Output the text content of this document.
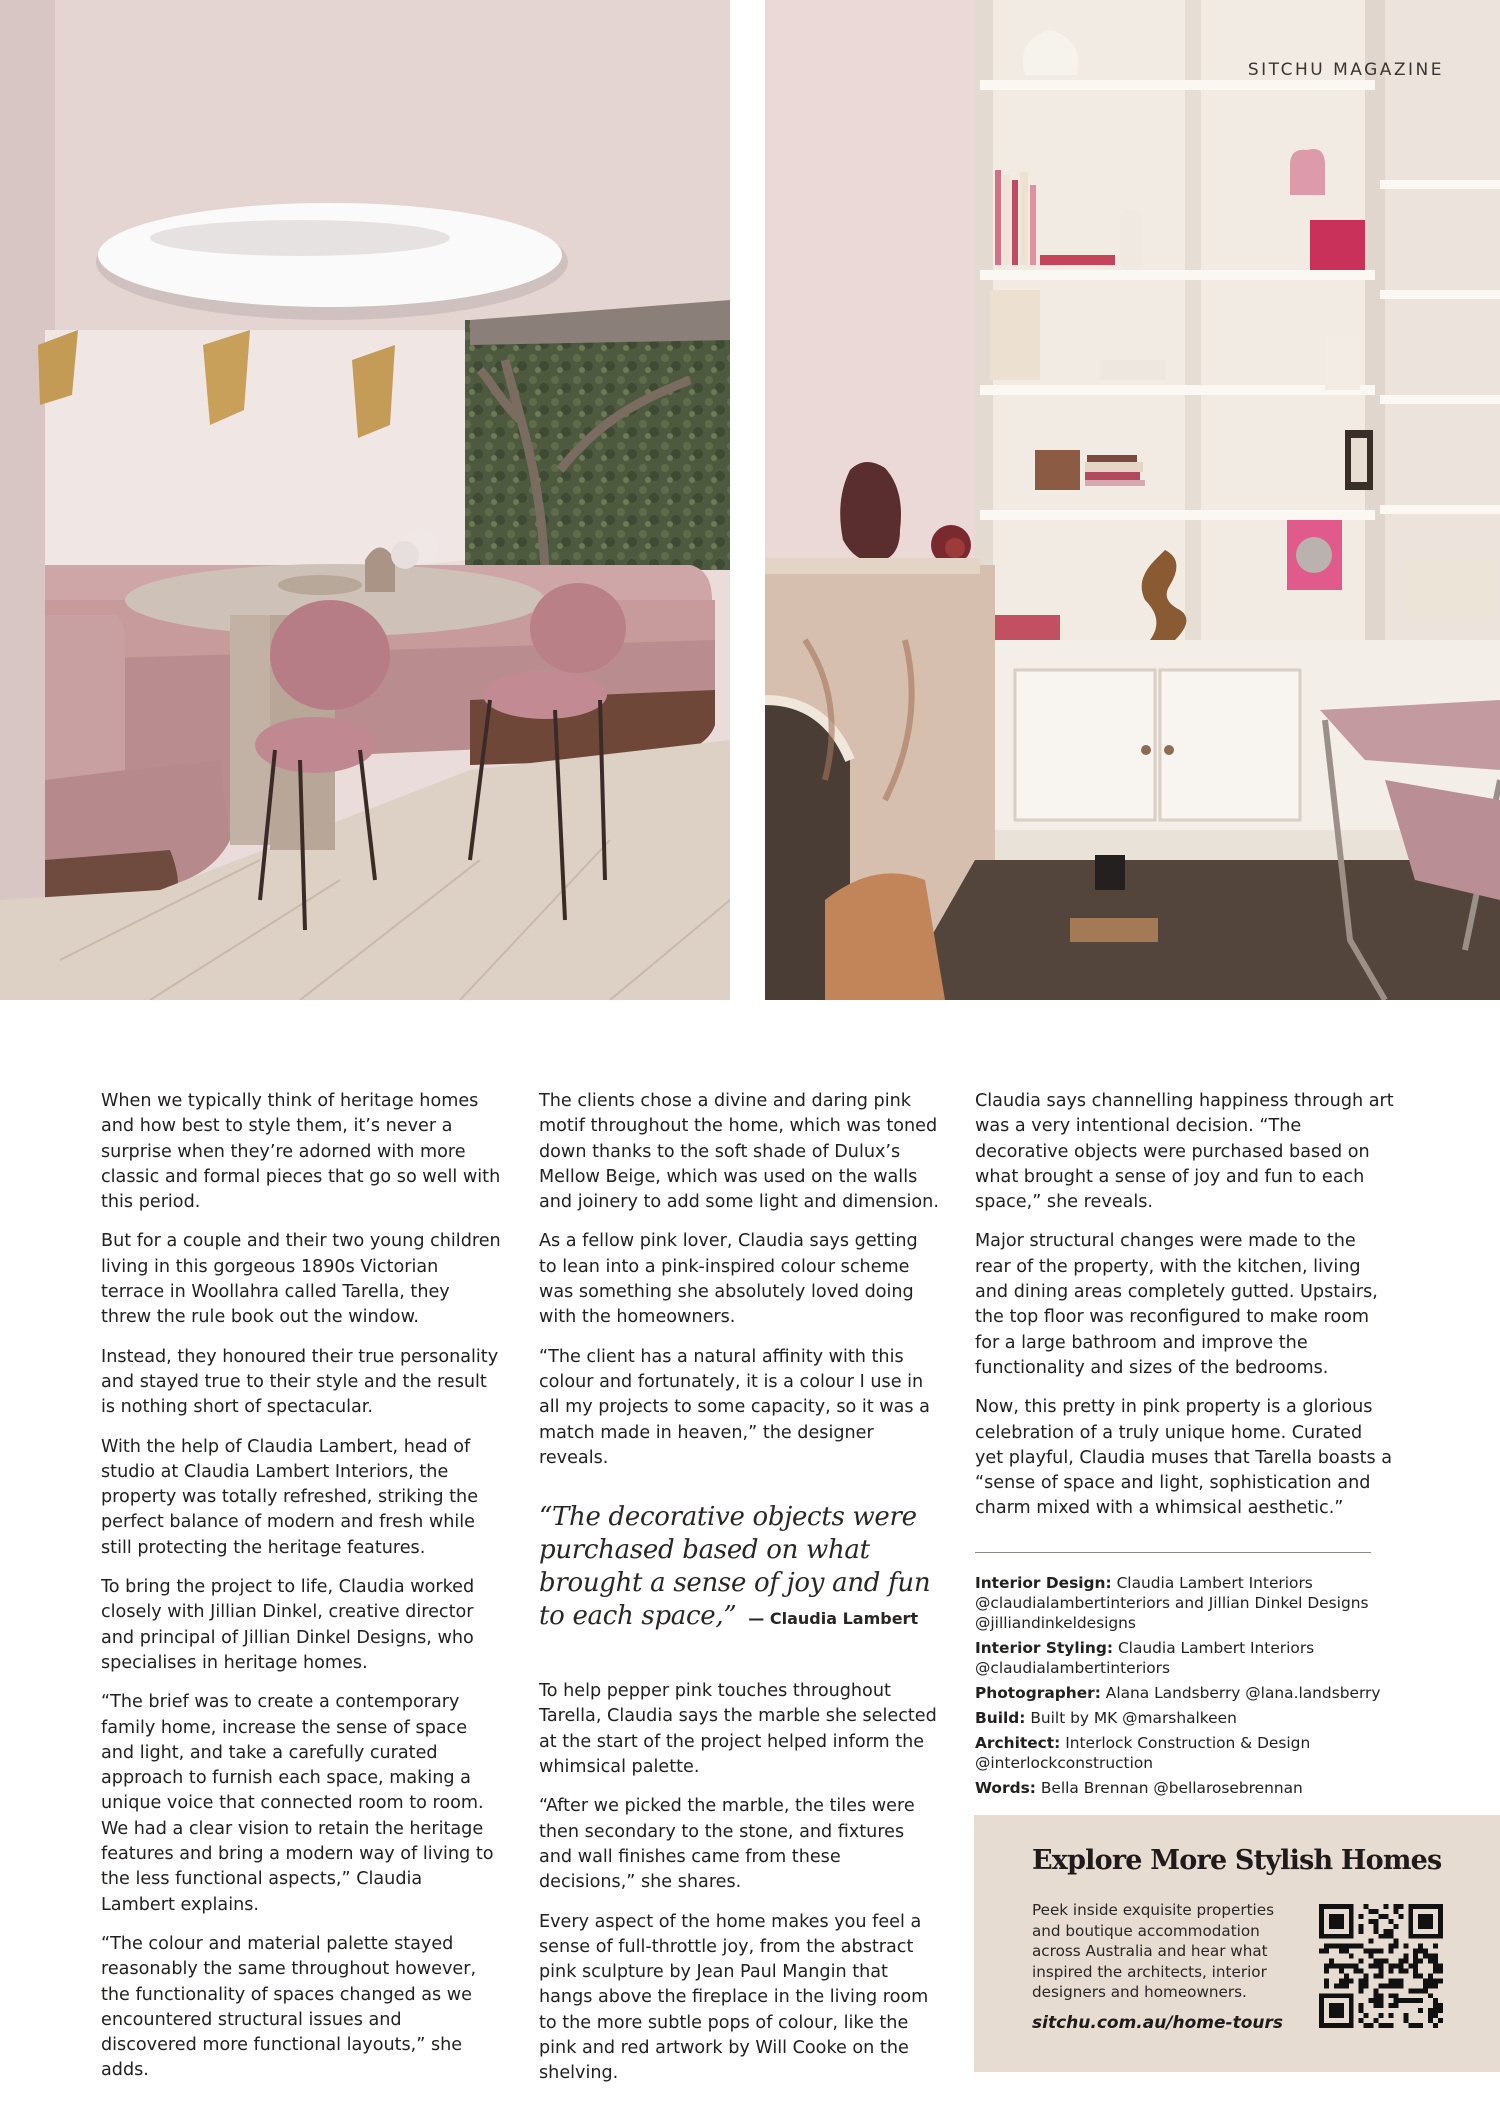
SITCHU MAGAZINE

When we typically think of heritage homes and how best to style them, it’s never a surprise when they’re adorned with more classic and formal pieces that go so well with this period.

But for a couple and their two young children living in this gorgeous 1890s Victorian terrace in Woollahra called Tarella, they threw the rule book out the window.

Instead, they honoured their true personality and stayed true to their style and the result is nothing short of spectacular.

With the help of Claudia Lambert, head of studio at Claudia Lambert Interiors, the property was totally refreshed, striking the perfect balance of modern and fresh while still protecting the heritage features.

To bring the project to life, Claudia worked closely with Jillian Dinkel, creative director and principal of Jillian Dinkel Designs, who specialises in heritage homes.

“The brief was to create a contemporary family home, increase the sense of space and light, and take a carefully curated approach to furnish each space, making a unique voice that connected room to room. We had a clear vision to retain the heritage features and bring a modern way of living to the less functional aspects,” Claudia Lambert explains.

“The colour and material palette stayed reasonably the same throughout however, the functionality of spaces changed as we encountered structural issues and discovered more functional layouts,” she adds.

The clients chose a divine and daring pink motif throughout the home, which was toned down thanks to the soft shade of Dulux’s Mellow Beige, which was used on the walls and joinery to add some light and dimension.

As a fellow pink lover, Claudia says getting to lean into a pink-inspired colour scheme was something she absolutely loved doing with the homeowners.

“The client has a natural affinity with this colour and fortunately, it is a colour I use in all my projects to some capacity, so it was a match made in heaven,” the designer reveals.

“The decorative objects were purchased based on what brought a sense of joy and fun to each space,” — Claudia Lambert

To help pepper pink touches throughout Tarella, Claudia says the marble she selected at the start of the project helped inform the whimsical palette.

“After we picked the marble, the tiles were then secondary to the stone, and fixtures and wall finishes came from these decisions,” she shares.

Every aspect of the home makes you feel a sense of full-throttle joy, from the abstract pink sculpture by Jean Paul Mangin that hangs above the fireplace in the living room to the more subtle pops of colour, like the pink and red artwork by Will Cooke on the shelving.

Claudia says channelling happiness through art was a very intentional decision. “The decorative objects were purchased based on what brought a sense of joy and fun to each space,” she reveals.

Major structural changes were made to the rear of the property, with the kitchen, living and dining areas completely gutted. Upstairs, the top floor was reconfigured to make room for a large bathroom and improve the functionality and sizes of the bedrooms.

Now, this pretty in pink property is a glorious celebration of a truly unique home. Curated yet playful, Claudia muses that Tarella boasts a “sense of space and light, sophistication and charm mixed with a whimsical aesthetic.”

Interior Design: Claudia Lambert Interiors @claudialambertinteriors and Jillian Dinkel Designs @jilliandinkeldesigns
Interior Styling: Claudia Lambert Interiors @claudialambertinteriors
Photographer: Alana Landsberry @lana.landsberry
Build: Built by MK @marshalkeen
Architect: Interlock Construction & Design @interlockconstruction
Words: Bella Brennan @bellarosebrennan
Explore More Stylish Homes
Peek inside exquisite properties and boutique accommodation across Australia and hear what inspired the architects, interior designers and homeowners.
sitchu.com.au/home-tours
